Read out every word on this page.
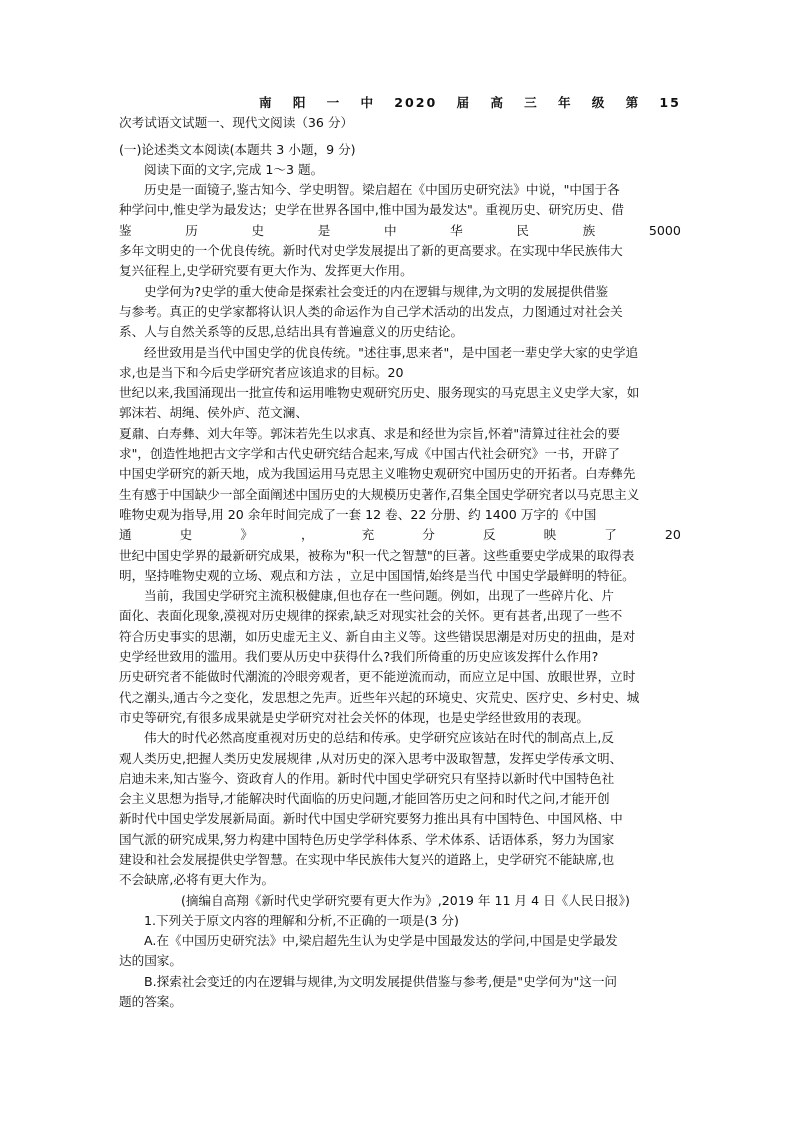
南 阳 一 中 2020 届 高 三 年 级 第 15
次考试语文试题一、现代文阅读（36 分）
(一)论述类文本阅读(本题共 3 小题，9 分)
阅读下面的文字,完成 1～3 题。
历史是一面镜子,鉴古知今、学史明智。梁启超在《中国历史研究法》中说，"中国于各
种学问中,惟史学为最发达；史学在世界各国中,惟中国为最发达"。重视历史、研究历史、借
鉴	历	史	是	中	华	民	族	5000
多年文明史的一个优良传统。新时代对史学发展提出了新的更高要求。在实现中华民族伟大
复兴征程上,史学研究要有更大作为、发挥更大作用。
史学何为?史学的重大使命是探索社会变迁的内在逻辑与规律,为文明的发展提供借鉴
与参考。真正的史学家都将认识人类的命运作为自己学术活动的出发点，力图通过对社会关
系、人与自然关系等的反思,总结出具有普遍意义的历史结论。
经世致用是当代中国史学的优良传统。"述往事,思来者"，是中国老一辈史学大家的史学追
求,也是当下和今后史学研究者应该追求的目标。20
世纪以来,我国涌现出一批宣传和运用唯物史观研究历史、服务现实的马克思主义史学大家，如
郭沫若、胡绳、侯外庐、范文澜、
夏鼐、白寿彝、刘大年等。郭沫若先生以求真、求是和经世为宗旨,怀着"清算过往社会的要
求"，创造性地把古文字学和古代史研究结合起来,写成《中国古代社会研究》一书，开辟了
中国史学研究的新天地，成为我国运用马克思主义唯物史观研究中国历史的开拓者。白寿彝先
生有感于中国缺少一部全面阐述中国历史的大规模历史著作,召集全国史学研究者以马克思主义
唯物史观为指导,用 20 余年时间完成了一套 12 卷、22 分册、约 1400 万字的《中国
通	史	》	，	充	分	反	映	了	20
世纪中国史学界的最新研究成果，被称为"积一代之智慧"的巨著。这些重要史学成果的取得表
明，坚持唯物史观的立场、观点和方法 ，立足中国国情,始终是当代 中国史学最鲜明的特征。
当前，我国史学研究主流积极健康,但也存在一些问题。例如，出现了一些碎片化、片
面化、表面化现象,漠视对历史规律的探索,缺乏对现实社会的关怀。更有甚者,出现了一些不
符合历史事实的思潮，如历史虚无主义、新自由主义等。这些错误思潮是对历史的扭曲，是对
史学经世致用的滥用。我们要从历史中获得什么?我们所倚重的历史应该发挥什么作用?
历史研究者不能做时代潮流的冷眼旁观者，更不能逆流而动，而应立足中国、放眼世界，立时
代之潮头,通古今之变化，发思想之先声。近些年兴起的环境史、灾荒史、医疗史、乡村史、城
市史等研究,有很多成果就是史学研究对社会关怀的体现，也是史学经世致用的表现。
伟大的时代必然高度重视对历史的总结和传承。史学研究应该站在时代的制高点上,反
观人类历史,把握人类历史发展规律 ,从对历史的深入思考中汲取智慧，发挥史学传承文明、
启迪未来,知古鉴今、资政育人的作用。新时代中国史学研究只有坚持以新时代中国特色社
会主义思想为指导,才能解决时代面临的历史问题,才能回答历史之问和时代之问,才能开创
新时代中国史学发展新局面。新时代中国史学研究要努力推出具有中国特色、中国风格、中
国气派的研究成果,努力构建中国特色历史学学科体系、学术体系、话语体系，努力为国家
建设和社会发展提供史学智慧。在实现中华民族伟大复兴的道路上，史学研究不能缺席,也
不会缺席,必将有更大作为。
(摘编自高翔《新时代史学研究要有更大作为》,2019 年 11 月 4 日《人民日报》)
1.下列关于原文内容的理解和分析,不正确的一项是(3 分)
A.在《中国历史研究法》中,梁启超先生认为史学是中国最发达的学问,中国是史学最发
达的国家。
B.探索社会变迁的内在逻辑与规律,为文明发展提供借鉴与参考,便是"史学何为"这一问
题的答案。
